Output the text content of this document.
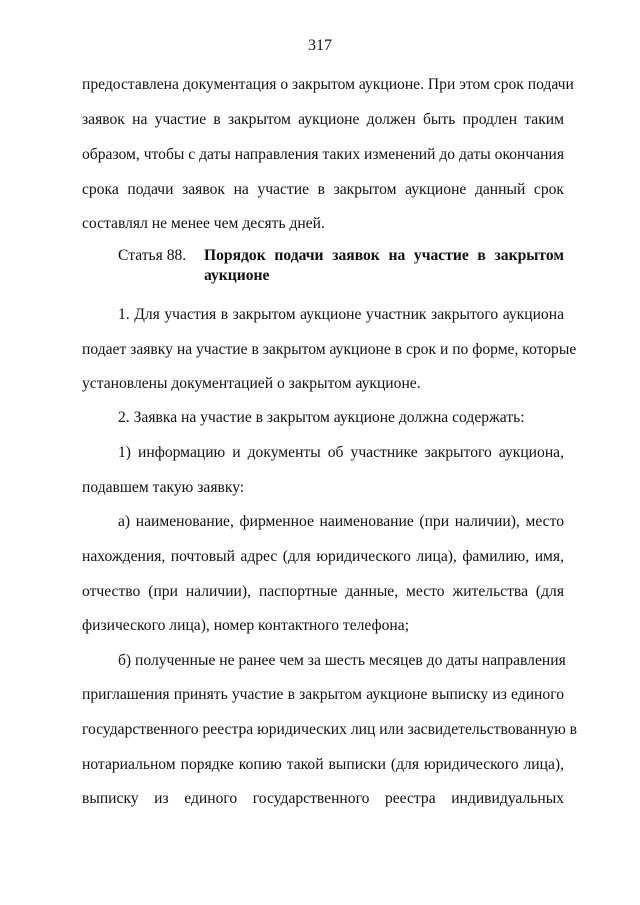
317
предоставлена документация о закрытом аукционе. При этом срок подачи
заявок на участие в закрытом аукционе должен быть продлен таким
образом, чтобы с даты направления таких изменений до даты окончания
срока подачи заявок на участие в закрытом аукционе данный срок
составлял не менее чем десять дней.
Статья 88. Порядок подачи заявок на участие в закрытом аукционе
1. Для участия в закрытом аукционе участник закрытого аукциона
подает заявку на участие в закрытом аукционе в срок и по форме, которые
установлены документацией о закрытом аукционе.
2. Заявка на участие в закрытом аукционе должна содержать:
1) информацию и документы об участнике закрытого аукциона,
подавшем такую заявку:
а) наименование, фирменное наименование (при наличии), место
нахождения, почтовый адрес (для юридического лица), фамилию, имя,
отчество (при наличии), паспортные данные, место жительства (для
физического лица), номер контактного телефона;
б) полученные не ранее чем за шесть месяцев до даты направления
приглашения принять участие в закрытом аукционе выписку из единого
государственного реестра юридических лиц или засвидетельствованную в
нотариальном порядке копию такой выписки (для юридического лица),
выписку из единого государственного реестра индивидуальных
